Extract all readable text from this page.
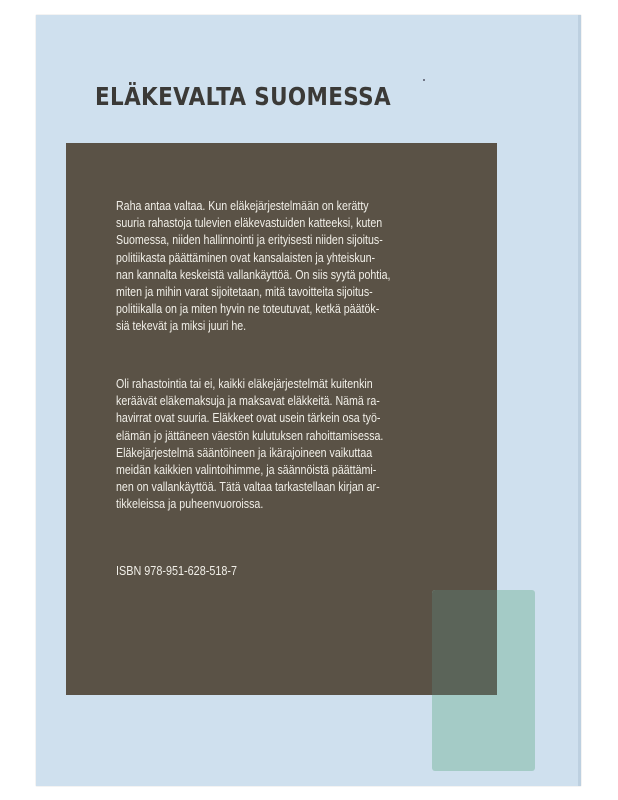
ELÄKEVALTA SUOMESSA
Raha antaa valtaa. Kun eläkejärjestelmään on kerätty
suuria rahastoja tulevien eläkevastuiden katteeksi, kuten
Suomessa, niiden hallinnointi ja erityisesti niiden sijoitus-
politiikasta päättäminen ovat kansalaisten ja yhteiskun-
nan kannalta keskeistä vallankäyttöä. On siis syytä pohtia,
miten ja mihin varat sijoitetaan, mitä tavoitteita sijoitus-
politiikalla on ja miten hyvin ne toteutuvat, ketkä päätök-
siä tekevät ja miksi juuri he.
Oli rahastointia tai ei, kaikki eläkejärjestelmät kuitenkin
keräävät eläkemaksuja ja maksavat eläkkeitä. Nämä ra-
havirrat ovat suuria. Eläkkeet ovat usein tärkein osa työ-
elämän jo jättäneen väestön kulutuksen rahoittamisessa.
Eläkejärjestelmä sääntöineen ja ikärajoineen vaikuttaa
meidän kaikkien valintoihimme, ja säännöistä päättämi-
nen on vallankäyttöä. Tätä valtaa tarkastellaan kirjan ar-
tikkeleissa ja puheenvuoroissa.
ISBN 978-951-628-518-7
